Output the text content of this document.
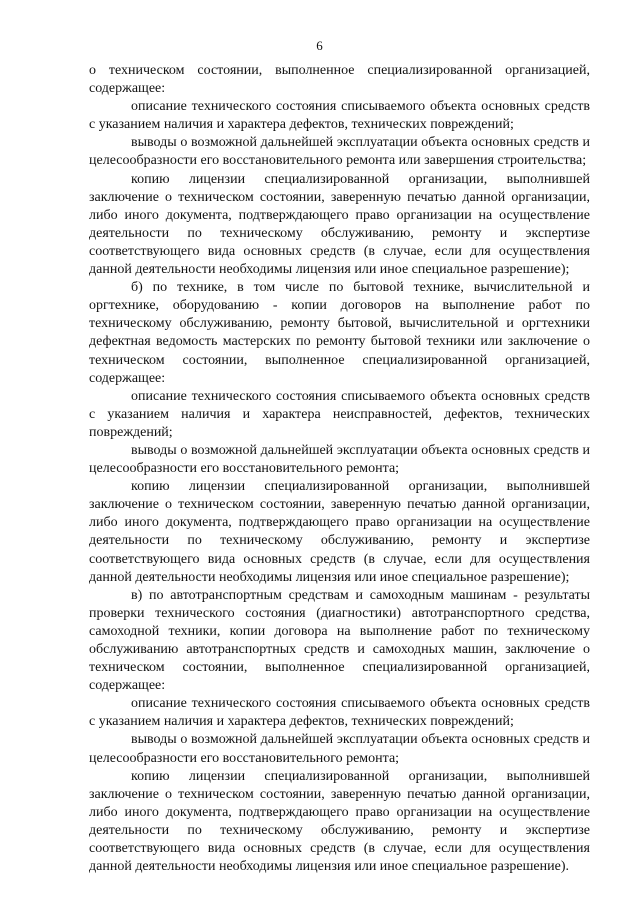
6

о техническом состоянии, выполненное специализированной организацией, содержащее:

описание технического состояния списываемого объекта основных средств с указанием наличия и характера дефектов, технических повреждений;

выводы о возможной дальнейшей эксплуатации объекта основных средств и целесообразности его восстановительного ремонта или завершения строительства;

копию лицензии специализированной организации, выполнившей заключение о техническом состоянии, заверенную печатью данной организации, либо иного документа, подтверждающего право организации на осуществление деятельности по техническому обслуживанию, ремонту и экспертизе соответствующего вида основных средств (в случае, если для осуществления данной деятельности необходимы лицензия или иное специальное разрешение);

б) по технике, в том числе по бытовой технике, вычислительной и оргтехнике, оборудованию - копии договоров на выполнение работ по техническому обслуживанию, ремонту бытовой, вычислительной и оргтехники дефектная ведомость мастерских по ремонту бытовой техники или заключение о техническом состоянии, выполненное специализированной организацией, содержащее:

описание технического состояния списываемого объекта основных средств с указанием наличия и характера неисправностей, дефектов, технических повреждений;

выводы о возможной дальнейшей эксплуатации объекта основных средств и целесообразности его восстановительного ремонта;

копию лицензии специализированной организации, выполнившей заключение о техническом состоянии, заверенную печатью данной организации, либо иного документа, подтверждающего право организации на осуществление деятельности по техническому обслуживанию, ремонту и экспертизе соответствующего вида основных средств (в случае, если для осуществления данной деятельности необходимы лицензия или иное специальное разрешение);

в) по автотранспортным средствам и самоходным машинам - результаты проверки технического состояния (диагностики) автотранспортного средства, самоходной техники, копии договора на выполнение работ по техническому обслуживанию автотранспортных средств и самоходных машин, заключение о техническом состоянии, выполненное специализированной организацией, содержащее:

описание технического состояния списываемого объекта основных средств с указанием наличия и характера дефектов, технических повреждений;

выводы о возможной дальнейшей эксплуатации объекта основных средств и целесообразности его восстановительного ремонта;

копию лицензии специализированной организации, выполнившей заключение о техническом состоянии, заверенную печатью данной организации, либо иного документа, подтверждающего право организации на осуществление деятельности по техническому обслуживанию, ремонту и экспертизе соответствующего вида основных средств (в случае, если для осуществления данной деятельности необходимы лицензия или иное специальное разрешение).
